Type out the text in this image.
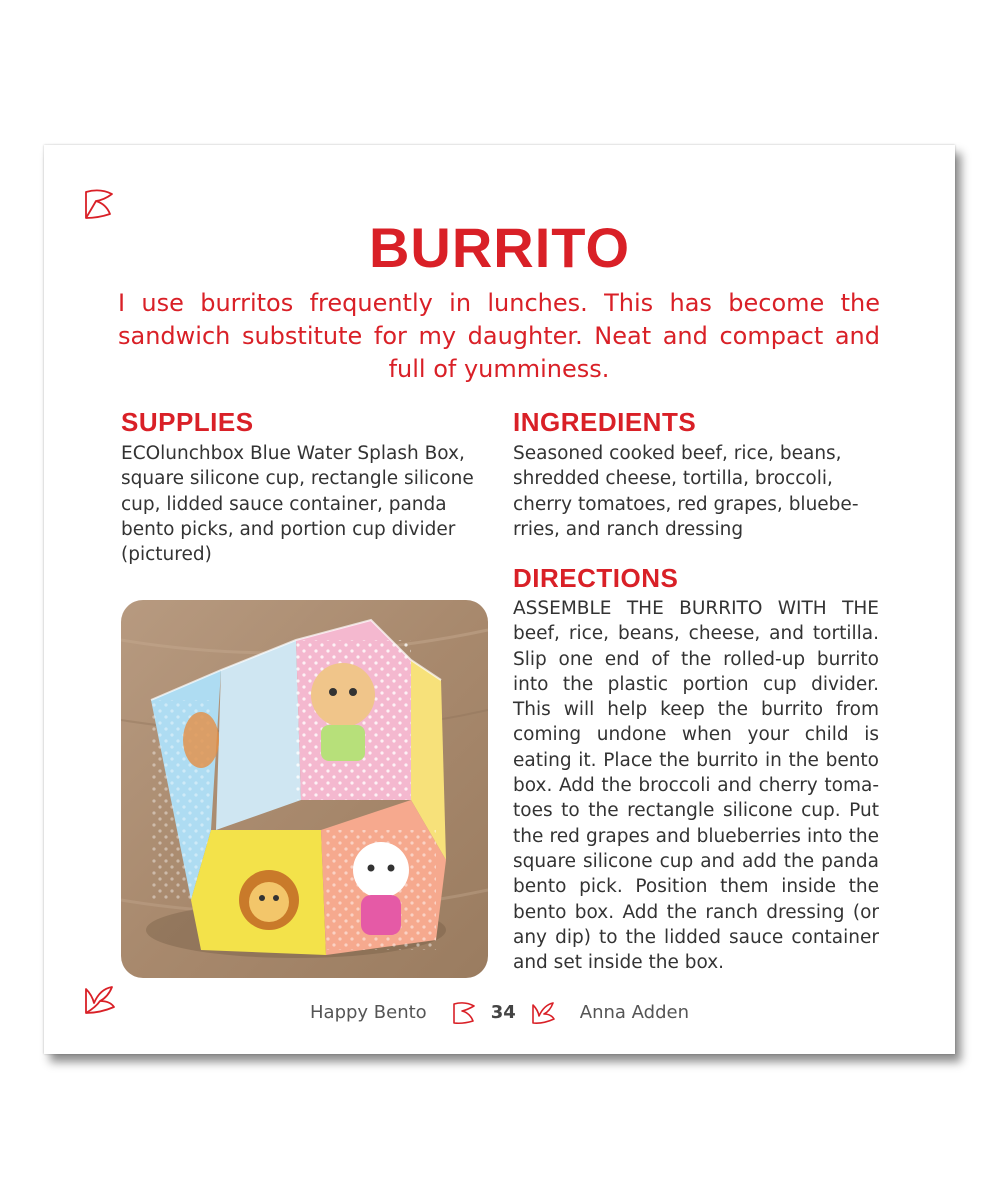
BURRITO
I use burritos frequently in lunches. This has become the sandwich substitute for my daughter. Neat and compact and full of yumminess.
SUPPLIES
ECOlunchbox Blue Water Splash Box, square silicone cup, rectangle silicone cup, lidded sauce container, panda bento picks, and portion cup divider (pictured)
INGREDIENTS
Seasoned cooked beef, rice, beans, shredded cheese, tortilla, broccoli, cherry tomatoes, red grapes, blueberries, and ranch dressing
DIRECTIONS
ASSEMBLE THE BURRITO WITH THE beef, rice, beans, cheese, and tortilla. Slip one end of the rolled-up burrito into the plastic portion cup divider. This will help keep the burrito from coming undone when your child is eating it. Place the burrito in the bento box. Add the broccoli and cherry tomatoes to the rectangle silicone cup. Put the red grapes and blueberries into the square silicone cup and add the panda bento pick. Position them inside the bento box. Add the ranch dressing (or any dip) to the lidded sauce container and set inside the box.
Happy Bento	34	Anna Adden
